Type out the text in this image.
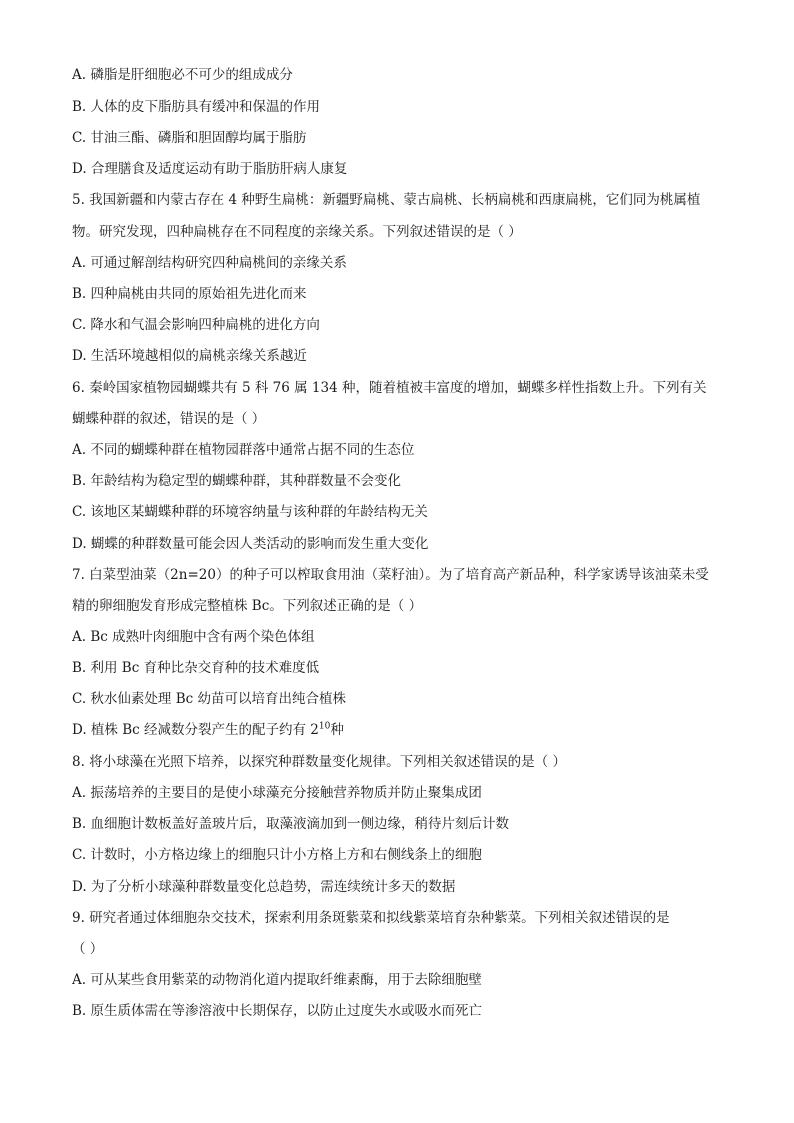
A. 磷脂是肝细胞必不可少的组成成分
B. 人体的皮下脂肪具有缓冲和保温的作用
C. 甘油三酯、磷脂和胆固醇均属于脂肪
D. 合理膳食及适度运动有助于脂肪肝病人康复
5. 我国新疆和内蒙古存在 4 种野生扁桃：新疆野扁桃、蒙古扁桃、长柄扁桃和西康扁桃，它们同为桃属植
物。研究发现，四种扁桃存在不同程度的亲缘关系。下列叙述错误的是（ ）
A. 可通过解剖结构研究四种扁桃间的亲缘关系
B. 四种扁桃由共同的原始祖先进化而来
C. 降水和气温会影响四种扁桃的进化方向
D. 生活环境越相似的扁桃亲缘关系越近
6. 秦岭国家植物园蝴蝶共有 5 科 76 属 134 种，随着植被丰富度的增加，蝴蝶多样性指数上升。下列有关
蝴蝶种群的叙述，错误的是（ ）
A. 不同的蝴蝶种群在植物园群落中通常占据不同的生态位
B. 年龄结构为稳定型的蝴蝶种群，其种群数量不会变化
C. 该地区某蝴蝶种群的环境容纳量与该种群的年龄结构无关
D. 蝴蝶的种群数量可能会因人类活动的影响而发生重大变化
7. 白菜型油菜（2n=20）的种子可以榨取食用油（菜籽油）。为了培育高产新品种，科学家诱导该油菜未受
精的卵细胞发育形成完整植株 Bc。下列叙述正确的是（ ）
A. Bc 成熟叶肉细胞中含有两个染色体组
B. 利用 Bc 育种比杂交育种的技术难度低
C. 秋水仙素处理 Bc 幼苗可以培育出纯合植株
D. 植株 Bc 经减数分裂产生的配子约有 $2^{10}$种
8. 将小球藻在光照下培养，以探究种群数量变化规律。下列相关叙述错误的是（ ）
A. 振荡培养的主要目的是使小球藻充分接触营养物质并防止聚集成团
B. 血细胞计数板盖好盖玻片后，取藻液滴加到一侧边缘，稍待片刻后计数
C. 计数时，小方格边缘上的细胞只计小方格上方和右侧线条上的细胞
D. 为了分析小球藻种群数量变化总趋势，需连续统计多天的数据
9. 研究者通过体细胞杂交技术，探索利用条斑紫菜和拟线紫菜培育杂种紫菜。下列相关叙述错误的是
（ ）
A. 可从某些食用紫菜的动物消化道内提取纤维素酶，用于去除细胞壁
B. 原生质体需在等渗溶液中长期保存，以防止过度失水或吸水而死亡
